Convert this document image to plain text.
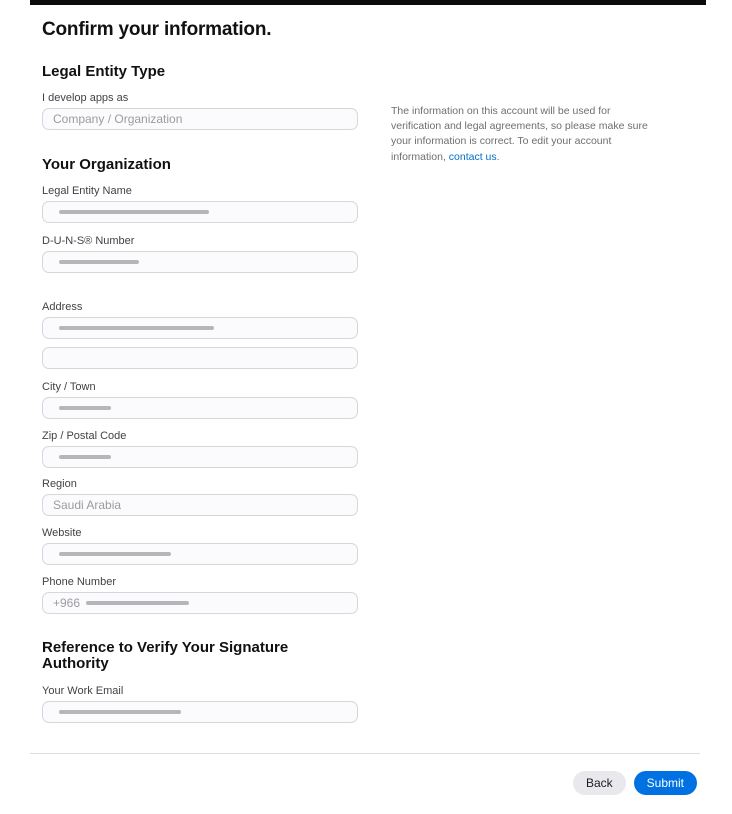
Confirm your information.
Legal Entity Type
I develop apps as
Company / Organization
Your Organization
Legal Entity Name
D-U-N-S® Number
Address
City / Town
Zip / Postal Code
Region
Saudi Arabia
Website
Phone Number
+966
Reference to Verify Your Signature Authority
Your Work Email
The information on this account will be used for verification and legal agreements, so please make sure your information is correct. To edit your account information, contact us.
Back	Submit
